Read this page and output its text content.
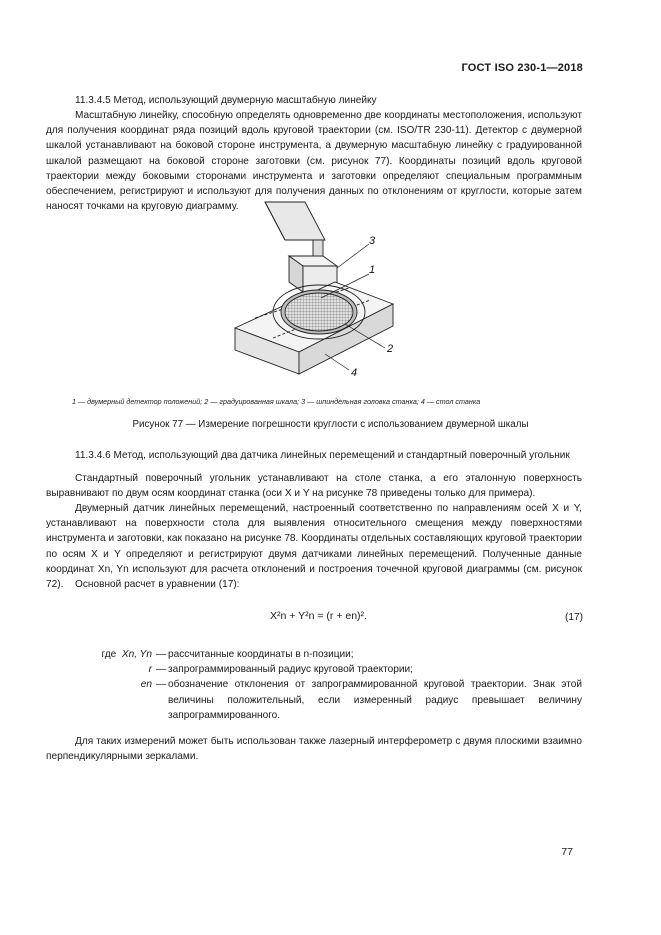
ГОСТ ISO 230-1—2018
11.3.4.5 Метод, использующий двумерную масштабную линейку
Масштабную линейку, способную определять одновременно две координаты местоположения, используют для получения координат ряда позиций вдоль круговой траектории (см. ISO/TR 230-11). Детектор с двумерной шкалой устанавливают на боковой стороне инструмента, а двумерную масштабную линейку с градуированной шкалой размещают на боковой стороне заготовки (см. рисунок 77). Координаты позиций вдоль круговой траектории между боковыми сторонами инструмента и заготовки определяют специальным программным обеспечением, регистрируют и используют для получения данных по отклонениям от круглости, которые затем наносят точками на круговую диаграмму.
3
1
2
4
1 — двумерный детектор положений; 2 — градуированная шкала; 3 — шпиндельная головка станка; 4 — стол станка
Рисунок 77 — Измерение погрешности круглости с использованием двумерной шкалы
11.3.4.6 Метод, использующий два датчика линейных перемещений и стандартный поверочный угольник
Стандартный поверочный угольник устанавливают на столе станка, а его эталонную поверхность выравнивают по двум осям координат станка (оси X и Y на рисунке 78 приведены только для примера).
Двумерный датчик линейных перемещений, настроенный соответственно по направлениям осей X и Y, устанавливают на поверхности стола для выявления относительного смещения между поверхностями инструмента и заготовки, как показано на рисунке 78. Координаты отдельных составляющих круговой траектории по осям X и Y определяют и регистрируют двумя датчиками линейных перемещений. Полученные данные координат Xn, Yn используют для расчета отклонений и построения точечной круговой диаграммы (см. рисунок 72).	Основной расчет в уравнении (17):
X²n + Y²n = (r + en)².	(17)
где Xn, Yn — рассчитанные координаты в n-позиции;
r — запрограммированный радиус круговой траектории;
en — обозначение отклонения от запрограммированной круговой траектории. Знак этой величины положительный, если измеренный радиус превышает величину запрограммированного.
Для таких измерений может быть использован также лазерный интерферометр с двумя плоскими взаимно перпендикулярными зеркалами.
77
